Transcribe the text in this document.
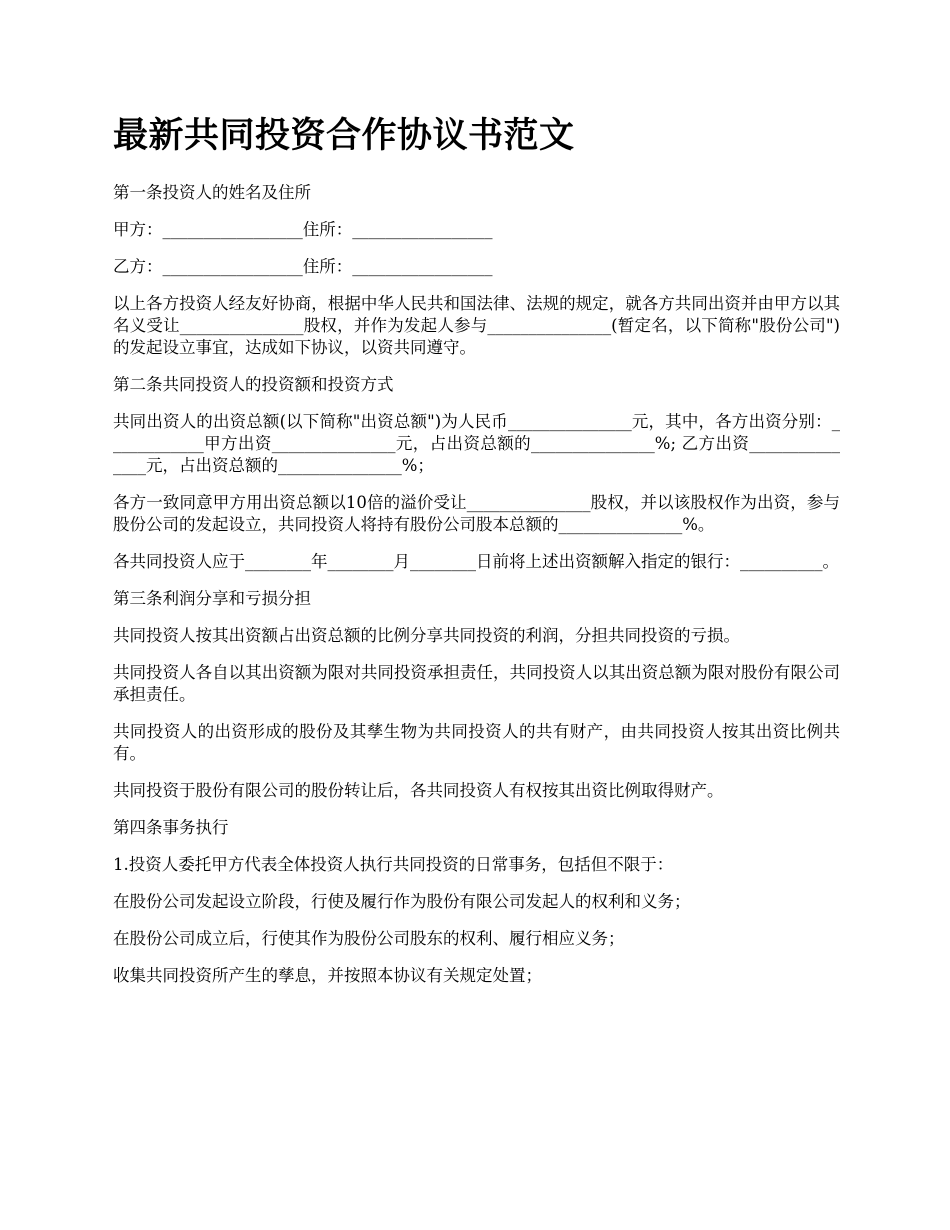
最新共同投资合作协议书范文

第一条投资人的姓名及住所

甲方：_________________住所：_________________

乙方：_________________住所：_________________

以上各方投资人经友好协商，根据中华人民共和国法律、法规的规定，就各方共同出资并由甲方以其名义受让_______________股权，并作为发起人参与_______________(暂定名，以下简称"股份公司")的发起设立事宜，达成如下协议，以资共同遵守。

第二条共同投资人的投资额和投资方式

共同出资人的出资总额(以下简称"出资总额")为人民币_______________元，其中，各方出资分别：____________甲方出资_______________元，占出资总额的_______________%; 乙方出资_______________元，占出资总额的_______________%；

各方一致同意甲方用出资总额以10倍的溢价受让_______________股权，并以该股权作为出资，参与股份公司的发起设立，共同投资人将持有股份公司股本总额的_______________%。

各共同投资人应于________年________月________日前将上述出资额解入指定的银行：__________。

第三条利润分享和亏损分担

共同投资人按其出资额占出资总额的比例分享共同投资的利润，分担共同投资的亏损。

共同投资人各自以其出资额为限对共同投资承担责任，共同投资人以其出资总额为限对股份有限公司承担责任。

共同投资人的出资形成的股份及其孳生物为共同投资人的共有财产，由共同投资人按其出资比例共有。

共同投资于股份有限公司的股份转让后，各共同投资人有权按其出资比例取得财产。

第四条事务执行

1.投资人委托甲方代表全体投资人执行共同投资的日常事务，包括但不限于：

在股份公司发起设立阶段，行使及履行作为股份有限公司发起人的权利和义务；

在股份公司成立后，行使其作为股份公司股东的权利、履行相应义务；

收集共同投资所产生的孳息，并按照本协议有关规定处置；
